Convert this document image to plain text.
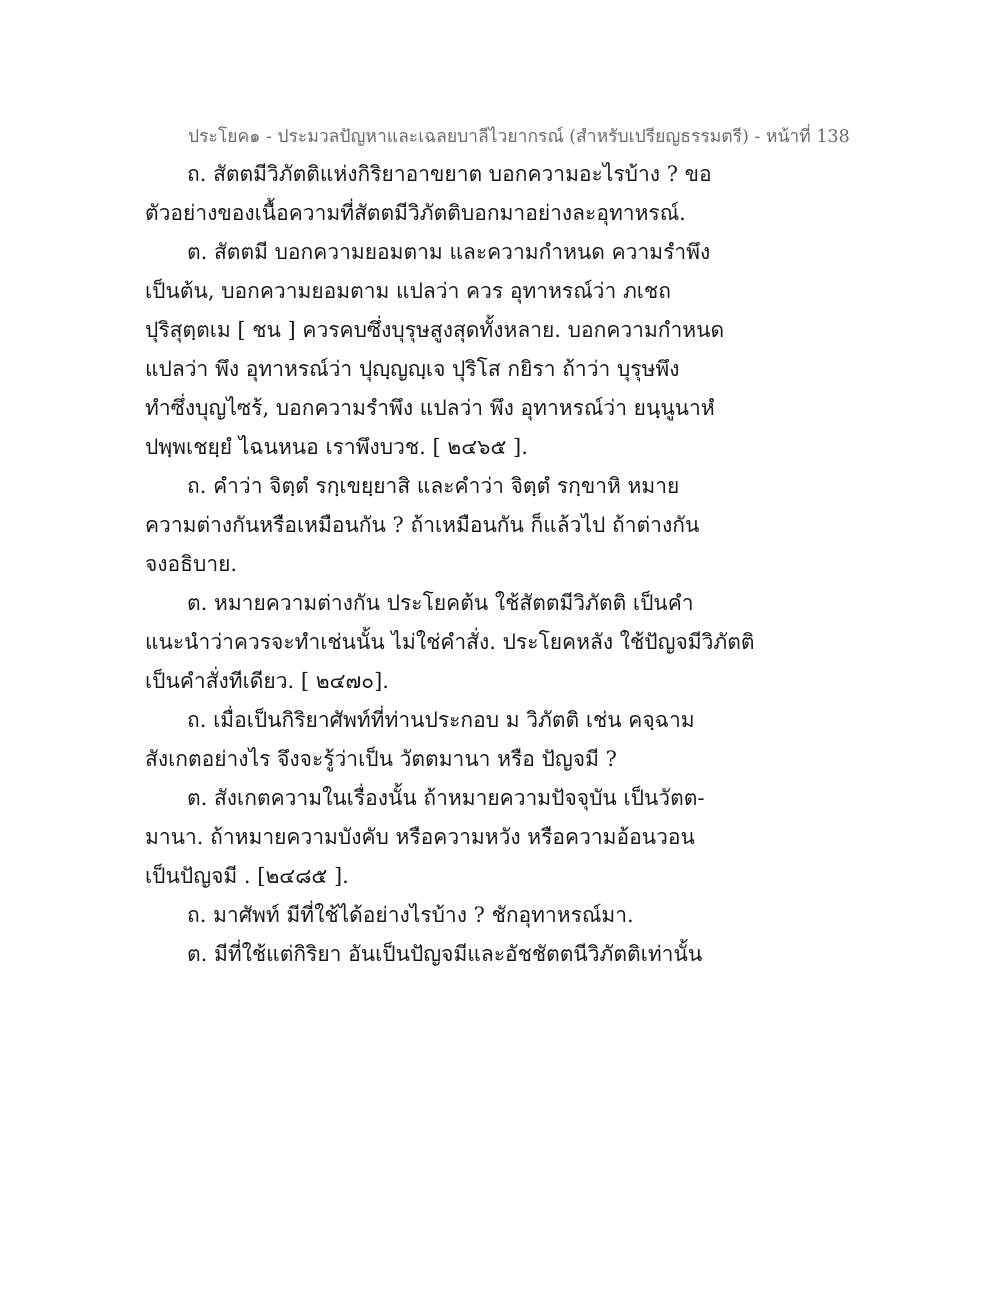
ประโยค๑ - ประมวลปัญหาและเฉลยบาลีไวยากรณ์ (สำหรับเปรียญธรรมตรี) - หน้าที่ 138
ถ. สัตตมีวิภัตติแห่งกิริยาอาขยาต บอกความอะไรบ้าง ? ขอ
ตัวอย่างของเนื้อความที่สัตตมีวิภัตติบอกมาอย่างละอุทาหรณ์.
ต. สัตตมี บอกความยอมตาม และความกำหนด ความรำพึง
เป็นต้น, บอกความยอมตาม แปลว่า ควร อุทาหรณ์ว่า ภเชถ
ปุริสุตฺตเม [ ชน ] ควรคบซึ่งบุรุษสูงสุดทั้งหลาย. บอกความกำหนด
แปลว่า พึง อุทาหรณ์ว่า ปุญฺญญฺเจ ปุริโส กยิรา ถ้าว่า บุรุษพึง
ทำซึ่งบุญไซร้, บอกความรำพึง แปลว่า พึง อุทาหรณ์ว่า ยนฺนูนาหํ
ปพฺพเชยฺยํ ไฉนหนอ เราพึงบวช. [ ๒๔๖๕ ].
ถ. คำว่า จิตฺตํ รกฺเขยฺยาสิ และคำว่า จิตฺตํ รกฺขาหิ หมาย
ความต่างกันหรือเหมือนกัน ? ถ้าเหมือนกัน ก็แล้วไป ถ้าต่างกัน
จงอธิบาย.
ต. หมายความต่างกัน ประโยคต้น ใช้สัตตมีวิภัตติ เป็นคำ
แนะนำว่าควรจะทำเช่นนั้น ไม่ใช่คำสั่ง. ประโยคหลัง ใช้ปัญจมีวิภัตติ
เป็นคำสั่งทีเดียว. [ ๒๔๗๐].
ถ. เมื่อเป็นกิริยาศัพท์ที่ท่านประกอบ ม วิภัตติ เช่น คจฺฉาม
สังเกตอย่างไร จึงจะรู้ว่าเป็น วัตตมานา หรือ ปัญจมี ?
ต. สังเกตความในเรื่องนั้น ถ้าหมายความปัจจุบัน เป็นวัตต-
มานา. ถ้าหมายความบังคับ หรือความหวัง หรือความอ้อนวอน
เป็นปัญจมี . [๒๔๘๕ ].
ถ. มาศัพท์ มีที่ใช้ได้อย่างไรบ้าง ? ชักอุทาหรณ์มา.
ต. มีที่ใช้แต่กิริยา อันเป็นปัญจมีและอัชชัตตนีวิภัตติเท่านั้น
